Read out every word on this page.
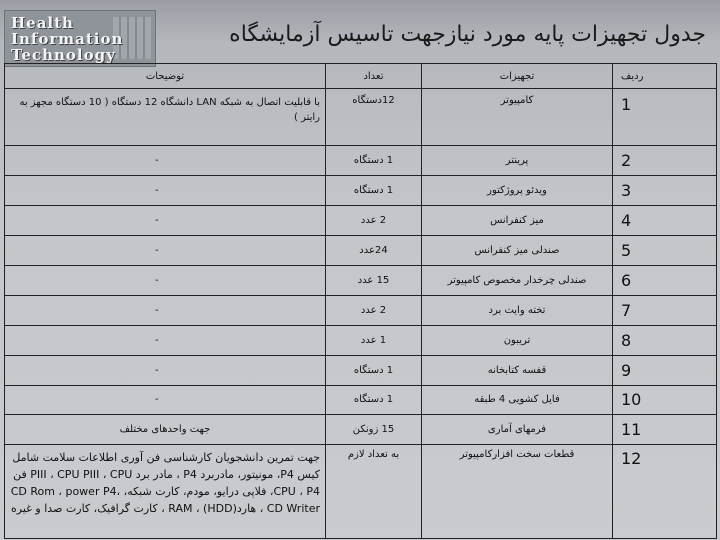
Health
Information
Technology
جدول تجهیزات پایه مورد نیازجهت تاسیس آزمایشگاه
ردیف	تجهیزات	تعداد	توضیحات
1	کامپیوتر	12دستگاه	با قابلیت اتصال به شبکه LAN دانشگاه 12 دستگاه ( 10 دستگاه مجهز به رایتر )
2	پرینتر	1 دستگاه	-
3	ویدئو پروژکتور	1 دستگاه	-
4	میز کنفرانس	2 عدد	-
5	صندلی میز کنفرانس	24عدد	-
6	صندلی چرخدار مخصوص کامپیوتر	15 عدد	-
7	تخته وایت برد	2 عدد	-
8	تریبون	1 عدد	-
9	قفسه کتابخانه	1 دستگاه	-
10	فایل کشویی 4 طبقه	1 دستگاه	-
11	فرمهای آماری	15 زونکن	جهت واحدهای مختلف
12	قطعات سخت افزارکامپیوتر	به تعداد لازم	جهت تمرین دانشجویان کارشناسی فن آوری اطلاعات سلامت شامل کیس P4، مونیتور، مادربرد P4 ، مادر برد PIII ، CPU PIII ، CPU فن CPU ، P4، فلاپی درایو، مودم، کارت شبکه، CD Rom ، power P4، CD Writer ، هارد(HDD) ، RAM ، کارت گرافیک، کارت صدا و غیره
